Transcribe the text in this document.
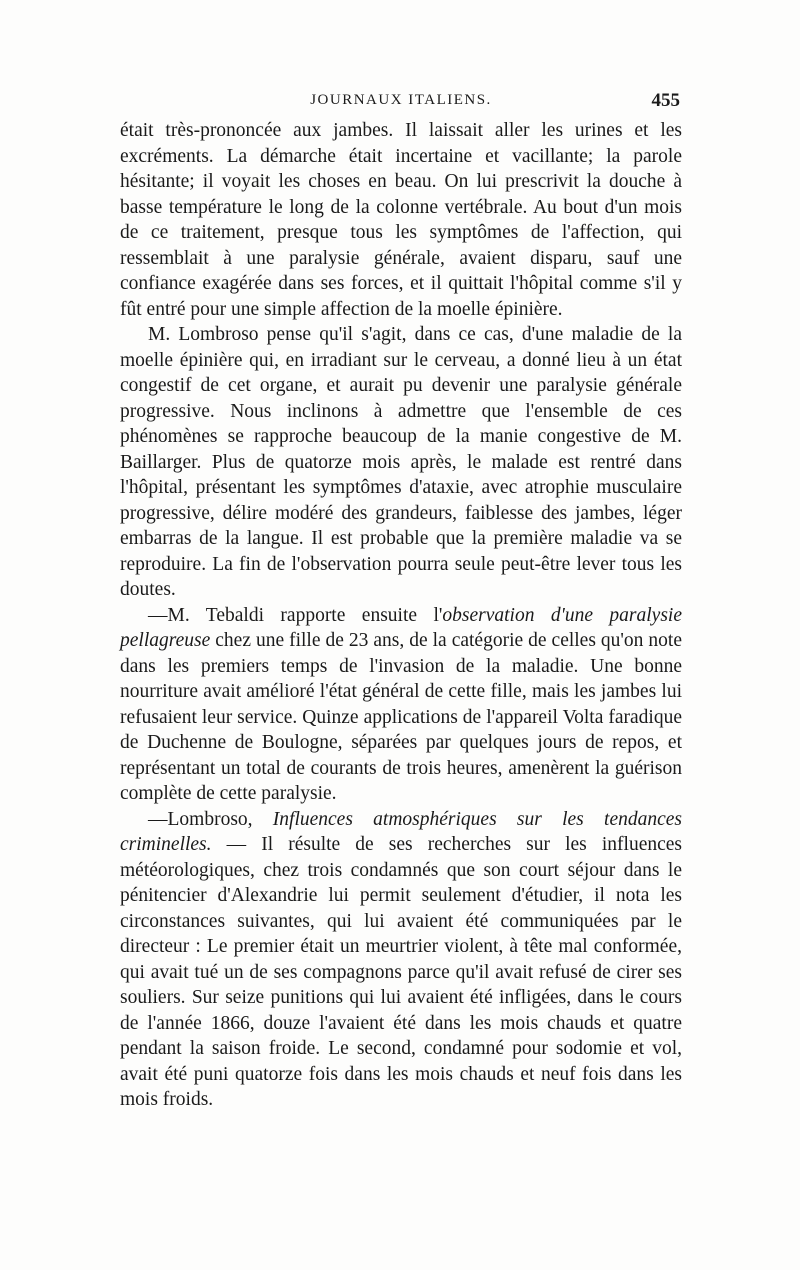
JOURNAUX ITALIENS.	455

était très-prononcée aux jambes. Il laissait aller les urines et les excréments. La démarche était incertaine et vacillante; la parole hésitante; il voyait les choses en beau. On lui prescrivit la douche à basse température le long de la colonne vertébrale. Au bout d'un mois de ce traitement, presque tous les symptômes de l'affection, qui ressemblait à une paralysie générale, avaient disparu, sauf une confiance exagérée dans ses forces, et il quittait l'hôpital comme s'il y fût entré pour une simple affection de la moelle épinière.

M. Lombroso pense qu'il s'agit, dans ce cas, d'une maladie de la moelle épinière qui, en irradiant sur le cerveau, a donné lieu à un état congestif de cet organe, et aurait pu devenir une paralysie générale progressive. Nous inclinons à admettre que l'ensemble de ces phénomènes se rapproche beaucoup de la manie congestive de M. Baillarger. Plus de quatorze mois après, le malade est rentré dans l'hôpital, présentant les symptômes d'ataxie, avec atrophie musculaire progressive, délire modéré des grandeurs, faiblesse des jambes, léger embarras de la langue. Il est probable que la première maladie va se reproduire. La fin de l'observation pourra seule peut-être lever tous les doutes.

—M. Tebaldi rapporte ensuite l'observation d'une paralysie pellagreuse chez une fille de 23 ans, de la catégorie de celles qu'on note dans les premiers temps de l'invasion de la maladie. Une bonne nourriture avait amélioré l'état général de cette fille, mais les jambes lui refusaient leur service. Quinze applications de l'appareil Volta faradique de Duchenne de Boulogne, séparées par quelques jours de repos, et représentant un total de courants de trois heures, amenèrent la guérison complète de cette paralysie.

—Lombroso, Influences atmosphériques sur les tendances criminelles. — Il résulte de ses recherches sur les influences météorologiques, chez trois condamnés que son court séjour dans le pénitencier d'Alexandrie lui permit seulement d'étudier, il nota les circonstances suivantes, qui lui avaient été communiquées par le directeur : Le premier était un meurtrier violent, à tête mal conformée, qui avait tué un de ses compagnons parce qu'il avait refusé de cirer ses souliers. Sur seize punitions qui lui avaient été infligées, dans le cours de l'année 1866, douze l'avaient été dans les mois chauds et quatre pendant la saison froide. Le second, condamné pour sodomie et vol, avait été puni quatorze fois dans les mois chauds et neuf fois dans les mois froids.
